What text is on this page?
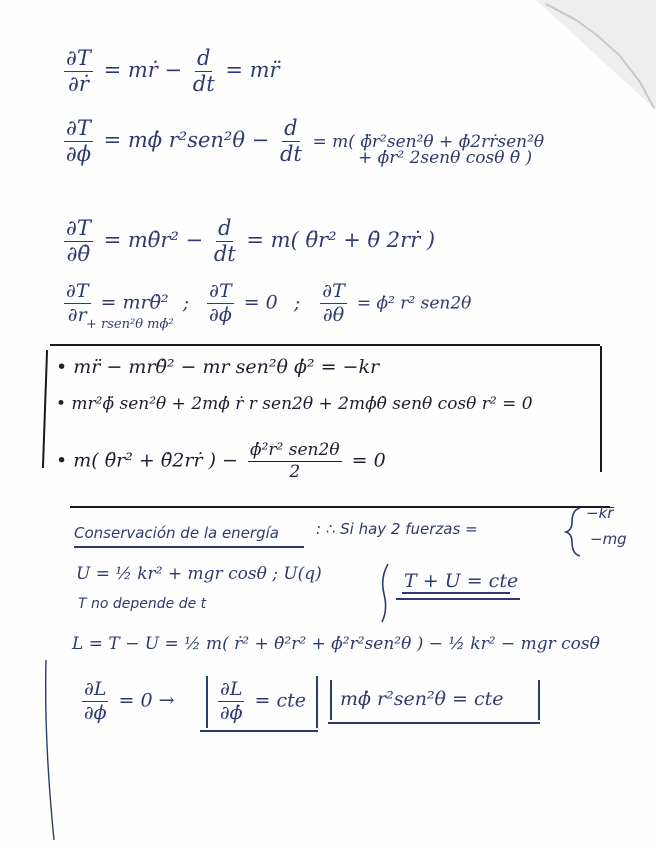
$\frac{\partial T}{\text{∂ṙ}}$ = mṙ − $\frac{d}{dt}$ = mr̈
$\frac{\partial T}{\partial\phi}$ = mϕ̇ $r^2sen^2\theta - \frac{d}{dt} = m$( ϕ̈r²sen²θ + ϕ̇2rṙsen²θ
+ ϕ̇r² 2senθ cosθ θ̇ )
$\frac{\partial T}{\partial\thetȧ}$ = mθ̇r² − $\frac{d}{dt} = m$( θ̈r² + θ̇ 2rṙ )
$\frac{\partial T}{\partial r}$ = mrθ̇² ; $\frac{\partial T}{\partial\phi} = 0$ ; $\frac{\partial T}{\partial\theta}$ = ϕ̇² r² sen2θ
+ rsen²θ mϕ̇²
• mr̈ − mrθ̇² − mr sen²θ ϕ̇² = −kr
• mr²ϕ̈ sen²θ + 2mϕ̇ ṙ r sen2θ + 2mϕ̇θ̇ senθ cosθ r² = 0
• m( θ̈r² + θ̇2rṙ ) − $\frac{\text{ϕ̇²r² sen2θ}}{2} = 0$
Conservación de la energía : ∴ Si hay 2 fuerzas =
−kr̄
−mg
U = ½ kr² + mgr cosθ ; U(q)
T no depende de t
T + U = cte
L = T − U = ½ m( ṙ² + θ̇²r² + ϕ̇²r²sen²θ ) − ½ kr² − mgr cosθ
$\frac{\partial L}{\partial\phi} = 0 \to \frac{\partial L}{\partial\phi̇}$ = cte mϕ̇ r²sen²θ = cte
